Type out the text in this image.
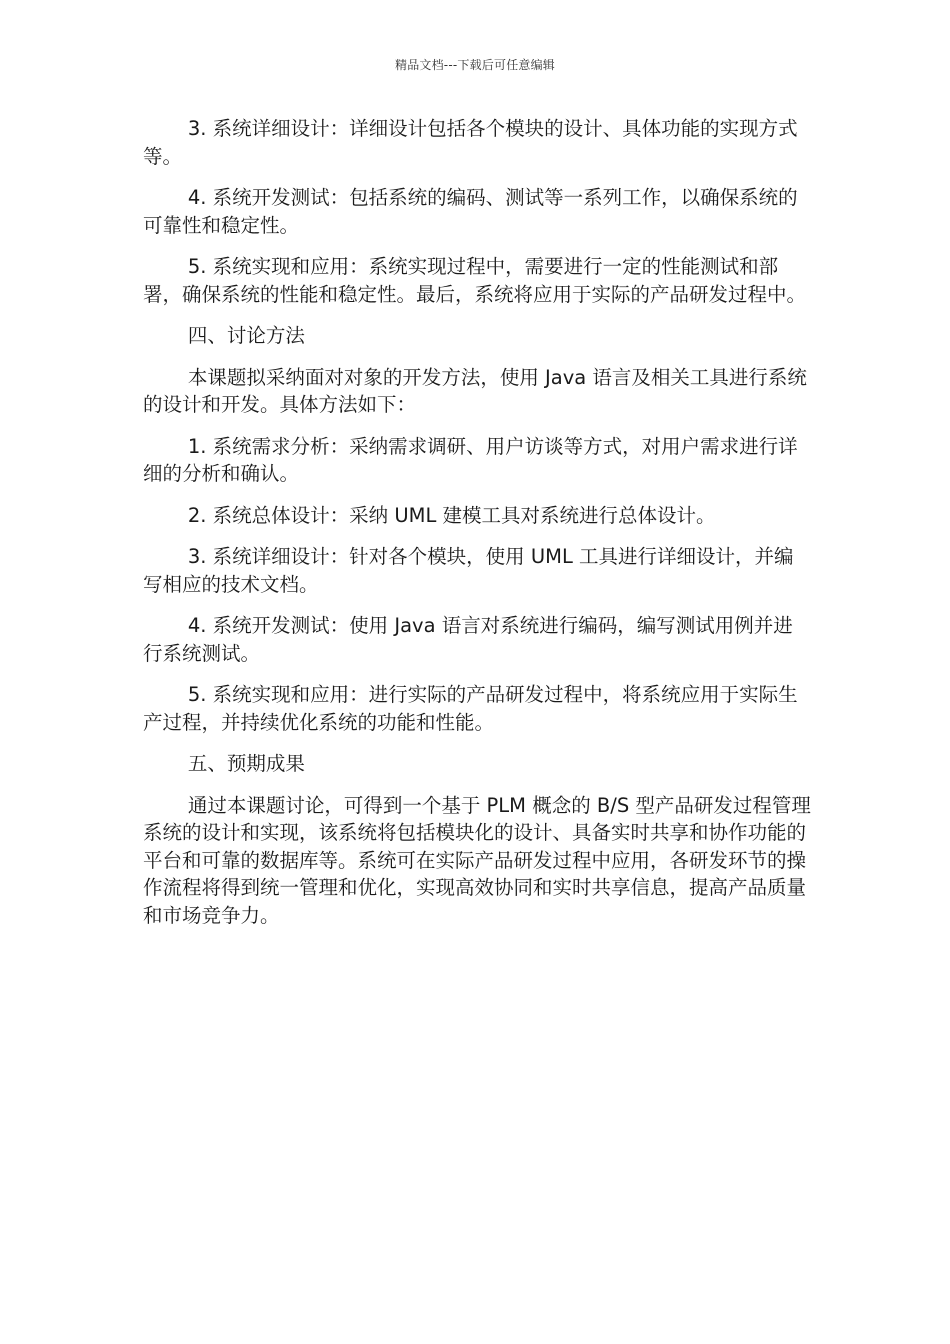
精品文档---下载后可任意编辑

3. 系统详细设计：详细设计包括各个模块的设计、具体功能的实现方式等。

4. 系统开发测试：包括系统的编码、测试等一系列工作，以确保系统的可靠性和稳定性。

5. 系统实现和应用：系统实现过程中，需要进行一定的性能测试和部署，确保系统的性能和稳定性。最后，系统将应用于实际的产品研发过程中。

四、讨论方法

本课题拟采纳面对对象的开发方法，使用 Java 语言及相关工具进行系统的设计和开发。具体方法如下：

1. 系统需求分析：采纳需求调研、用户访谈等方式，对用户需求进行详细的分析和确认。

2. 系统总体设计：采纳 UML 建模工具对系统进行总体设计。

3. 系统详细设计：针对各个模块，使用 UML 工具进行详细设计，并编写相应的技术文档。

4. 系统开发测试：使用 Java 语言对系统进行编码，编写测试用例并进行系统测试。

5. 系统实现和应用：进行实际的产品研发过程中，将系统应用于实际生产过程，并持续优化系统的功能和性能。

五、预期成果

通过本课题讨论，可得到一个基于 PLM 概念的 B/S 型产品研发过程管理系统的设计和实现，该系统将包括模块化的设计、具备实时共享和协作功能的平台和可靠的数据库等。系统可在实际产品研发过程中应用，各研发环节的操作流程将得到统一管理和优化，实现高效协同和实时共享信息，提高产品质量和市场竞争力。
